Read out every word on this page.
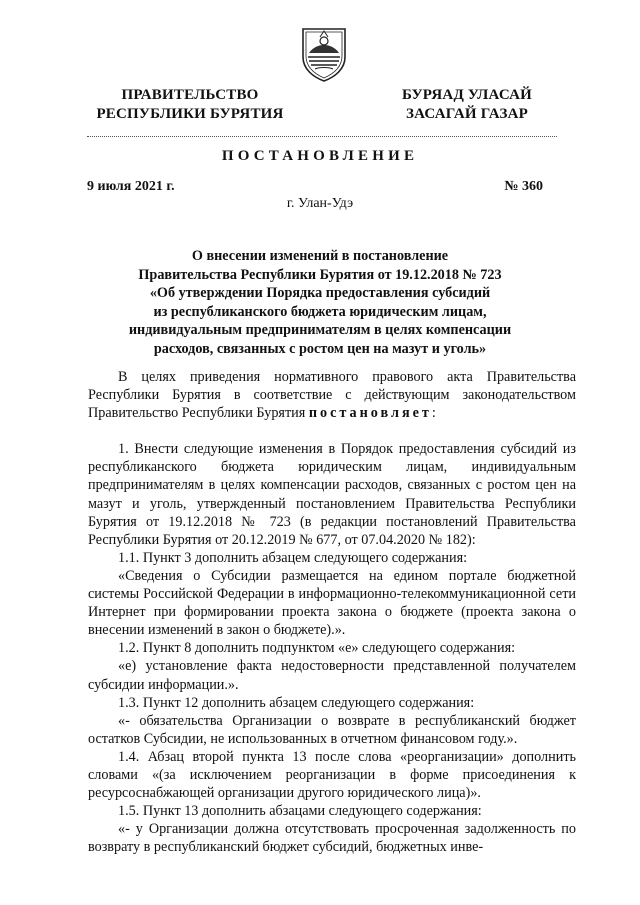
ПРАВИТЕЛЬСТВО
РЕСПУБЛИКИ БУРЯТИЯ
БУРЯАД УЛАСАЙ
ЗАСАГАЙ ГАЗАР
ПОСТАНОВЛЕНИЕ
9 июля 2021 г.	№ 360
г. Улан-Удэ
О внесении изменений в постановление
Правительства Республики Бурятия от 19.12.2018 № 723
«Об утверждении Порядка предоставления субсидий
из республиканского бюджета юридическим лицам,
индивидуальным предпринимателям в целях компенсации
расходов, связанных с ростом цен на мазут и уголь»

В целях приведения нормативного правового акта Правительства Республики Бурятия в соответствие с действующим законодательством Правительство Республики Бурятия постановляет:

1. Внести следующие изменения в Порядок предоставления субсидий из республиканского бюджета юридическим лицам, индивидуальным предпринимателям в целях компенсации расходов, связанных с ростом цен на мазут и уголь, утвержденный постановлением Правительства Республики Бурятия от 19.12.2018 № 723 (в редакции постановлений Правительства Республики Бурятия от 20.12.2019 № 677, от 07.04.2020 № 182):

1.1. Пункт 3 дополнить абзацем следующего содержания:

«Сведения о Субсидии размещается на едином портале бюджетной системы Российской Федерации в информационно-телекоммуникационной сети Интернет при формировании проекта закона о бюджете (проекта закона о внесении изменений в закон о бюджете).».

1.2. Пункт 8 дополнить подпунктом «е» следующего содержания:

«е) установление факта недостоверности представленной получателем субсидии информации.».

1.3. Пункт 12 дополнить абзацем следующего содержания:

«- обязательства Организации о возврате в республиканский бюджет остатков Субсидии, не использованных в отчетном финансовом году.».

1.4. Абзац второй пункта 13 после слова «реорганизации» дополнить словами «(за исключением реорганизации в форме присоединения к ресурсоснабжающей организации другого юридического лица)».

1.5. Пункт 13 дополнить абзацами следующего содержания:

«- у Организации должна отсутствовать просроченная задолженность по возврату в республиканский бюджет субсидий, бюджетных инве-
